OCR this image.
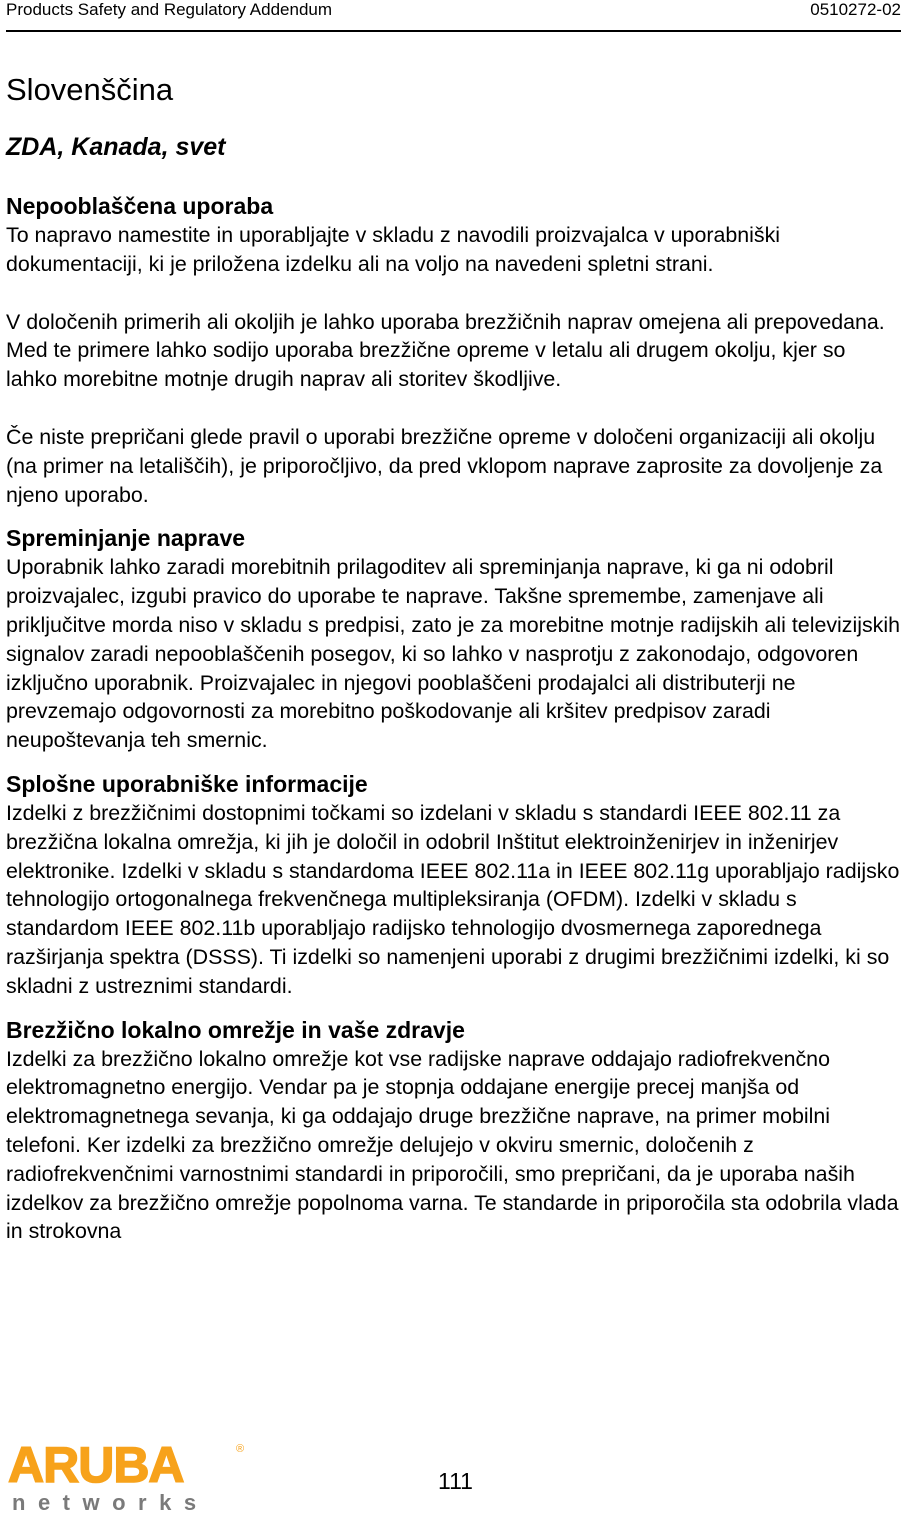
Products Safety and Regulatory Addendum	0510272-02
Slovenščina
ZDA, Kanada, svet
Nepooblaščena uporaba

To napravo namestite in uporabljajte v skladu z navodili proizvajalca v uporabniški dokumentaciji, ki je priložena izdelku ali na voljo na navedeni spletni strani.

V določenih primerih ali okoljih je lahko uporaba brezžičnih naprav omejena ali prepovedana. Med te primere lahko sodijo uporaba brezžične opreme v letalu ali drugem okolju, kjer so lahko morebitne motnje drugih naprav ali storitev škodljive.

Če niste prepričani glede pravil o uporabi brezžične opreme v določeni organizaciji ali okolju (na primer na letališčih), je priporočljivo, da pred vklopom naprave zaprosite za dovoljenje za njeno uporabo.

Spreminjanje naprave

Uporabnik lahko zaradi morebitnih prilagoditev ali spreminjanja naprave, ki ga ni odobril proizvajalec, izgubi pravico do uporabe te naprave. Takšne spremembe, zamenjave ali priključitve morda niso v skladu s predpisi, zato je za morebitne motnje radijskih ali televizijskih signalov zaradi nepooblaščenih posegov, ki so lahko v nasprotju z zakonodajo, odgovoren izključno uporabnik. Proizvajalec in njegovi pooblaščeni prodajalci ali distributerji ne prevzemajo odgovornosti za morebitno poškodovanje ali kršitev predpisov zaradi neupoštevanja teh smernic.

Splošne uporabniške informacije

Izdelki z brezžičnimi dostopnimi točkami so izdelani v skladu s standardi IEEE 802.11 za brezžična lokalna omrežja, ki jih je določil in odobril Inštitut elektroinženirjev in inženirjev elektronike. Izdelki v skladu s standardoma IEEE 802.11a in IEEE 802.11g uporabljajo radijsko tehnologijo ortogonalnega frekvenčnega multipleksiranja (OFDM). Izdelki v skladu s standardom IEEE 802.11b uporabljajo radijsko tehnologijo dvosmernega zaporednega razširjanja spektra (DSSS). Ti izdelki so namenjeni uporabi z drugimi brezžičnimi izdelki, ki so skladni z ustreznimi standardi.

Brezžično lokalno omrežje in vaše zdravje

Izdelki za brezžično lokalno omrežje kot vse radijske naprave oddajajo radiofrekvenčno elektromagnetno energijo. Vendar pa je stopnja oddajane energije precej manjša od elektromagnetnega sevanja, ki ga oddajajo druge brezžične naprave, na primer mobilni telefoni. Ker izdelki za brezžično omrežje delujejo v okviru smernic, določenih z radiofrekvenčnimi varnostnimi standardi in priporočili, smo prepričani, da je uporaba naših izdelkov za brezžično omrežje popolnoma varna. Te standarde in priporočila sta odobrila vlada in strokovna

ARUBA	®
networks
111
